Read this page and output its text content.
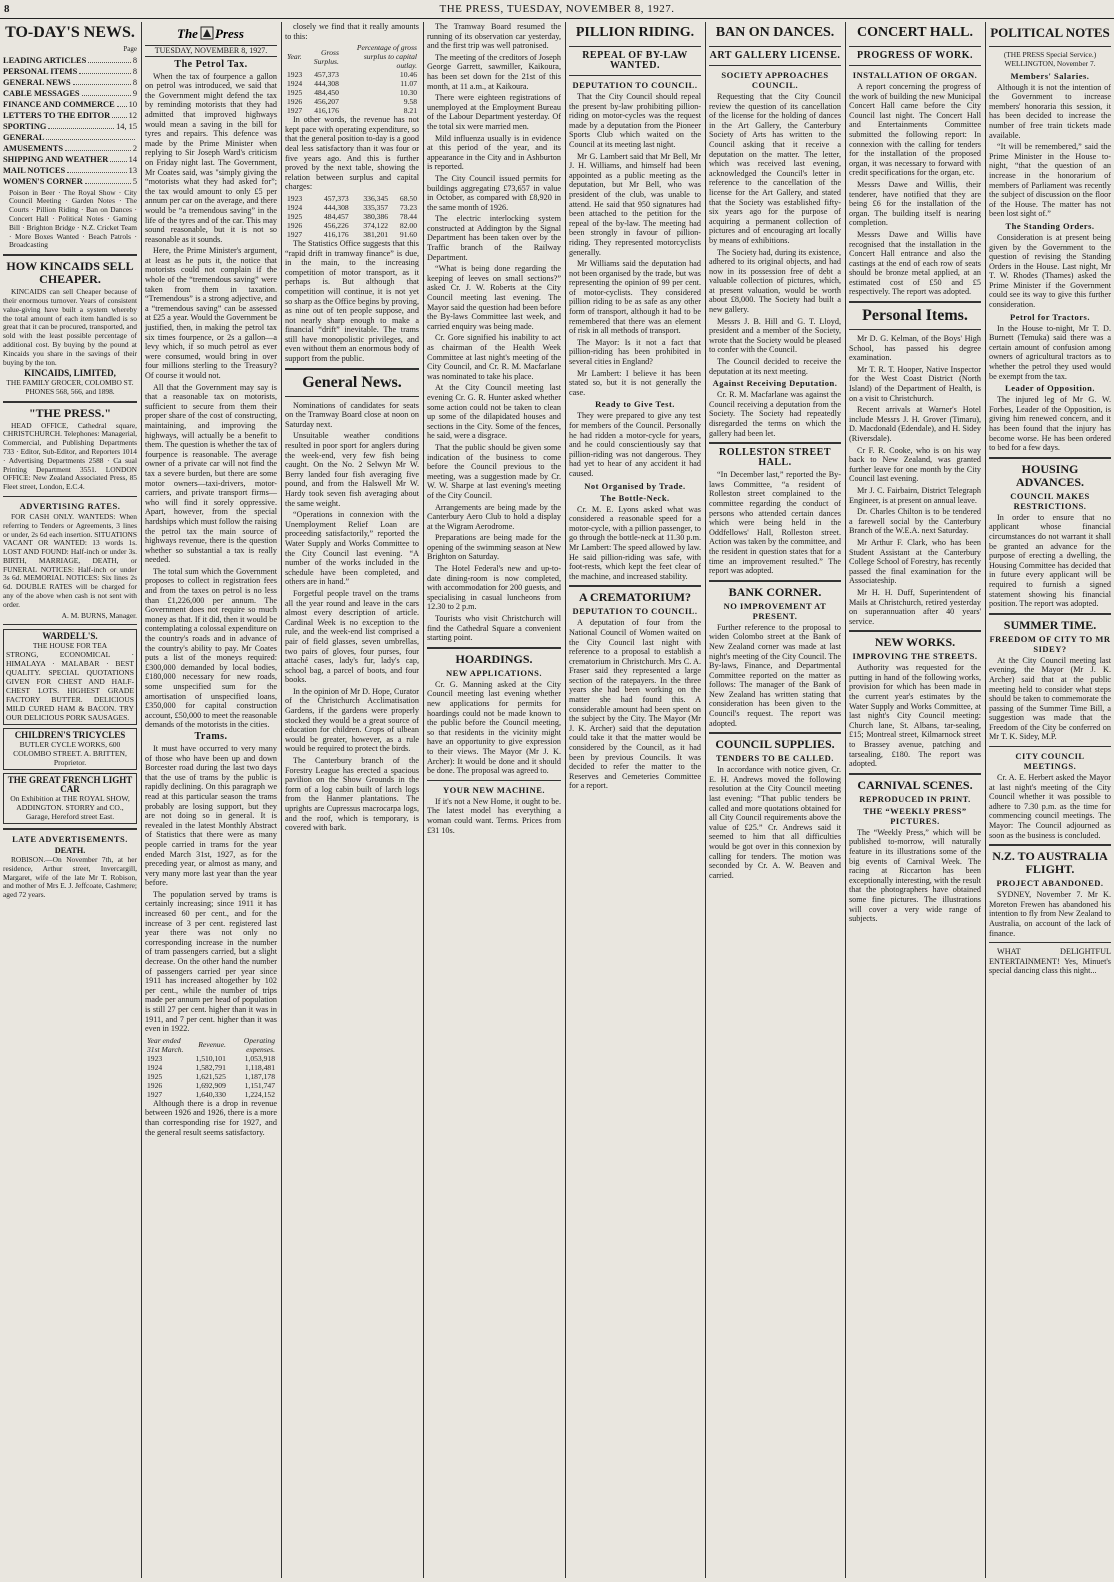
8	THE PRESS, TUESDAY, NOVEMBER 8, 1927.
TO-DAY'S NEWS.
Page
LEADING ARTICLES	8
PERSONAL ITEMS	8
GENERAL NEWS	8
CABLE MESSAGES	9
FINANCE AND COMMERCE 10
LETTERS TO THE EDITOR 12
SPORTING	14, 15
GENERAL
AMUSEMENTS	2
SHIPPING AND WEATHER 14
MAIL NOTICES	13
WOMEN'S CORNER	5
Poison in Beer · The Royal Show · City Council Meeting · Garden Notes · The Courts · Pillion Riding · Ban on Dances · Concert Hall · Political Notes · Gaming Bill · Brighton Bridge · N.Z. Cricket Team · More Boxes Wanted · Beach Patrols · Broadcasting
HOW KINCAIDS SELL CHEAPER.

KINCAIDS can sell Cheaper because of their enormous turnover. Years of consistent value-giving have built a system whereby the total amount of each item handled is so great that it can be procured, transported, and sold with the least possible percentage of additional cost. By buying by the pound at Kincaids you share in the savings of their buying by the ton.

KINCAIDS, LIMITED,
THE FAMILY GROCER, COLOMBO ST. PHONES 568, 566, and 1898.
"THE PRESS."

HEAD OFFICE, Cathedral square, CHRISTCHURCH. Telephones: Managerial, Commercial, and Publishing Departments 733 · Editor, Sub-Editor, and Reporters 1014 · Advertising Departments 2588 · Ca sual Printing Department 3551. LONDON OFFICE: New Zealand Associated Press, 85 Fleet street, London, E.C.4.

ADVERTISING RATES.

FOR CASH ONLY. WANTEDS: When referring to Tenders or Agreements, 3 lines or under, 2s 6d each insertion. SITUATIONS VACANT OR WANTED: 13 words 1s. LOST AND FOUND: Half-inch or under 3s. BIRTH, MARRIAGE, DEATH, or FUNERAL NOTICES: Half-inch or under 3s 6d. MEMORIAL NOTICES: Six lines 2s 6d. DOUBLE RATES will be charged for any of the above when cash is not sent with order.

A. M. BURNS, Manager.
WARDELL'S.
THE HOUSE FOR TEA
STRONG, ECONOMICAL · HIMALAYA · MALABAR · BEST QUALITY. SPECIAL QUOTATIONS GIVEN FOR CHEST AND HALF-CHEST LOTS. HIGHEST GRADE FACTORY BUTTER. DELICIOUS MILD CURED HAM & BACON. TRY OUR DELICIOUS PORK SAUSAGES.
CHILDREN'S TRICYCLES
BUTLER CYCLE WORKS, 600 COLOMBO STREET. A. BRITTEN, Proprietor.
THE GREAT FRENCH LIGHT CAR
On Exhibition at THE ROYAL SHOW, ADDINGTON. STORRY and CO., Garage, Hereford street East.
LATE ADVERTISEMENTS.
DEATH.

ROBISON.—On November 7th, at her residence, Arthur street, Invercargill, Margaret, wife of the late Mr T. Robison, and mother of Mrs E. J. Jeffcoate, Cashmere; aged 72 years.

The Press
TUESDAY, NOVEMBER 8, 1927.
The Petrol Tax.

When the tax of fourpence a gallon on petrol was introduced, we said that the Government might defend the tax by reminding motorists that they had admitted that improved highways would mean a saving in the bill for tyres and repairs. This defence was made by the Prime Minister when replying to Sir Joseph Ward's criticism on Friday night last. The Government, Mr Coates said, was "simply giving the “motorists what they had asked for”; the tax would amount to only £5 per annum per car on the average, and there would be “a tremendous saving” in the life of the tyres and of the car. This may sound reasonable, but it is not so reasonable as it sounds.

Here, the Prime Minister's argument, at least as he puts it, the notice that motorists could not complain if the whole of the “tremendous saving” were taken from them in taxation. “Tremendous” is a strong adjective, and a “tremendous saving” can be assessed at £25 a year. Would the Government be justified, then, in making the petrol tax six times fourpence, or 2s a gallon—a levy which, if so much petrol as ever were consumed, would bring in over four millions sterling to the Treasury? Of course it would not.

All that the Government may say is that a reasonable tax on motorists, sufficient to secure from them their proper share of the cost of constructing, maintaining, and improving the highways, will actually be a benefit to them. The question is whether the tax of fourpence is reasonable. The average owner of a private car will not find the tax a severe burden, but there are some motor owners—taxi-drivers, motor-carriers, and private transport firms—who will find it sorely oppressive. Apart, however, from the special hardships which must follow the raising the petrol tax the main source of highways revenue, there is the question whether so substantial a tax is really needed.

The total sum which the Government proposes to collect in registration fees and from the taxes on petrol is no less than £1,226,000 per annum. The Government does not require so much money as that. If it did, then it would be contemplating a colossal expenditure on the country's roads and in advance of the country's ability to pay. Mr Coates puts a list of the moneys required: £300,000 demanded by local bodies, £180,000 necessary for new roads, some unspecified sum for the amortisation of unspecified loans, £350,000 for capital construction account, £50,000 to meet the reasonable demands of the motorists in the cities.

Trams.

It must have occurred to very many of those who have been up and down Borcester road during the last two days that the use of trams by the public is rapidly declining. On this paragraph we read at this particular season the trams probably are losing support, but they are not doing so in general. It is revealed in the latest Monthly Abstract of Statistics that there were as many people carried in trams for the year ended March 31st, 1927, as for the preceding year, or almost as many, and very many more last year than the year before.

The population served by trams is certainly increasing; since 1911 it has increased 60 per cent., and for the increase of 3 per cent. registered last year there was not only no corresponding increase in the number of tram passengers carried, but a slight decrease. On the other hand the number of passengers carried per year since 1911 has increased altogether by 102 per cent., while the number of trips made per annum per head of population is still 27 per cent. higher than it was in 1911, and 7 per cent. higher than it was even in 1922.

Year ended 31st March.	Revenue.	Operating expenses.
1923	1,510,101	1,053,918
1924	1,582,791	1,118,481
1925	1,621,525	1,187,178
1926	1,692,909	1,151,747
1927	1,640,330	1,224,152

Although there is a drop in revenue between 1926 and 1926, there is a more than corresponding rise for 1927, and the general result seems satisfactory.

closely we find that it really amounts to this:

Year.	Gross Surplus.	Percentage of gross surplus to capital outlay.
1923	457,373	10.46
1924	444,308	11.07
1925	484,450	10.30
1926	456,207	9.58
1927	416,176	8.21

In other words, the revenue has not kept pace with operating expenditure, so that the general position to-day is a good deal less satisfactory than it was four or five years ago. And this is further proved by the next table, showing the relation between surplus and capital charges:

1923	457,373	336,345	68.50
1924	444,308	335,357	73.23
1925	484,457	380,386	78.44
1926	456,226	374,122	82.00
1927	416,176	381,201	91.60

The Statistics Office suggests that this “rapid drift in tramway finance” is due, in the main, to the increasing competition of motor transport, as it perhaps is. But although that competition will continue, it is not yet so sharp as the Office begins by proving, as nine out of ten people suppose, and not nearly sharp enough to make a financial “drift” inevitable. The trams still have monopolistic privileges, and even without them an enormous body of support from the public.

General News.

Nominations of candidates for seats on the Tramway Board close at noon on Saturday next.

Unsuitable weather conditions resulted in poor sport for anglers during the week-end, very few fish being caught. On the No. 2 Selwyn Mr W. Berry landed four fish averaging five pound, and from the Halswell Mr W. Hardy took seven fish averaging about the same weight.

“Operations in connexion with the Unemployment Relief Loan are proceeding satisfactorily,” reported the Water Supply and Works Committee to the City Council last evening. “A number of the works included in the schedule have been completed, and others are in hand.”

Forgetful people travel on the trams all the year round and leave in the cars almost every description of article. Cardinal Week is no exception to the rule, and the week-end list comprised a pair of field glasses, seven umbrellas, two pairs of gloves, four purses, four attaché cases, lady's fur, lady's cap, school bag, a parcel of boots, and four books.

In the opinion of Mr D. Hope, Curator of the Christchurch Acclimatisation Gardens, if the gardens were properly stocked they would be a great source of education for children. Crops of ulbean would be greater, however, as a rule would be required to protect the birds.

The Canterbury branch of the Forestry League has erected a spacious pavilion on the Show Grounds in the form of a log cabin built of larch logs from the Hanmer plantations. The uprights are Cupressus macrocarpa logs, and the roof, which is temporary, is covered with bark.

The Tramway Board resumed the running of its observation car yesterday, and the first trip was well patronised.

The meeting of the creditors of Joseph George Garrett, sawmiller, Kaikoura, has been set down for the 21st of this month, at 11 a.m., at Kaikoura.

There were eighteen registrations of unemployed at the Employment Bureau of the Labour Department yesterday. Of the total six were married men.

Mild influenza usually is in evidence at this period of the year, and its appearance in the City and in Ashburton is reported.

The City Council issued permits for buildings aggregating £73,657 in value in October, as compared with £8,920 in the same month of 1926.

The electric interlocking system constructed at Addington by the Signal Department has been taken over by the Traffic branch of the Railway Department.

“What is being done regarding the keeping of leeves on small sections?” asked Cr. J. W. Roberts at the City Council meeting last evening. The Mayor said the question had been before the By-laws Committee last week, and carried enquiry was being made.

Cr. Gore signified his inability to act as chairman of the Health Week Committee at last night's meeting of the City Council, and Cr. R. M. Macfarlane was nominated to take his place.

At the City Council meeting last evening Cr. G. R. Hunter asked whether some action could not be taken to clean up some of the dilapidated houses and sections in the City. Some of the fences, he said, were a disgrace.

That the public should be given some indication of the business to come before the Council previous to the meeting, was a suggestion made by Cr. W. W. Sharpe at last evening's meeting of the City Council.

Arrangements are being made by the Canterbury Aero Club to hold a display at the Wigram Aerodrome.

Preparations are being made for the opening of the swimming season at New Brighton on Saturday.

The Hotel Federal's new and up-to-date dining-room is now completed, with accommodation for 200 guests, and specialising in casual luncheons from 12.30 to 2 p.m.

Tourists who visit Christchurch will find the Cathedral Square a convenient starting point.

HOARDINGS.
NEW APPLICATIONS.

Cr. G. Manning asked at the City Council meeting last evening whether new applications for permits for hoardings could not be made known to the public before the Council meeting, so that residents in the vicinity might have an opportunity to give expression to their views. The Mayor (Mr J. K. Archer): It would be done and it should be done. The proposal was agreed to.

YOUR NEW MACHINE.

If it's not a New Home, it ought to be. The latest model has everything a woman could want. Terms. Prices from £31 10s.

PILLION RIDING.
REPEAL OF BY-LAW WANTED.
DEPUTATION TO COUNCIL.

That the City Council should repeal the present by-law prohibiting pillion-riding on motor-cycles was the request made by a deputation from the Pioneer Sports Club which waited on the Council at its meeting last night.

Mr G. Lambert said that Mr Bell, Mr J. H. Williams, and himself had been appointed as a public meeting as the deputation, but Mr Bell, who was president of the club, was unable to attend. He said that 950 signatures had been attached to the petition for the repeal of the by-law. The meeting had been strongly in favour of pillion-riding. They represented motorcyclists generally.

Mr Williams said the deputation had not been organised by the trade, but was representing the opinion of 99 per cent. of motor-cyclists. They considered pillion riding to be as safe as any other form of transport, although it had to be remembered that there was an element of risk in all methods of transport.

The Mayor: Is it not a fact that pillion-riding has been prohibited in several cities in England?

Mr Lambert: I believe it has been stated so, but it is not generally the case.

Ready to Give Test.

They were prepared to give any test for members of the Council. Personally he had ridden a motor-cycle for years, and he could conscientiously say that pillion-riding was not dangerous. They had yet to hear of any accident it had caused.

Not Organised by Trade.
The Bottle-Neck.

Cr. M. E. Lyons asked what was considered a reasonable speed for a motor-cycle, with a pillion passenger, to go through the bottle-neck at 11.30 p.m. Mr Lambert: The speed allowed by law. He said pillion-riding was safe, with foot-rests, which kept the feet clear of the machine, and increased stability.

A CREMATORIUM?
DEPUTATION TO COUNCIL.

A deputation of four from the National Council of Women waited on the City Council last night with reference to a proposal to establish a crematorium in Christchurch. Mrs C. A. Fraser said they represented a large section of the ratepayers. In the three years she had been working on the matter she had found this. A considerable amount had been spent on the subject by the City. The Mayor (Mr J. K. Archer) said that the deputation could take it that the matter would be considered by the Council, as it had been by previous Councils. It was decided to refer the matter to the Reserves and Cemeteries Committee for a report.

BAN ON DANCES.
ART GALLERY LICENSE.
SOCIETY APPROACHES COUNCIL.

Requesting that the City Council review the question of its cancellation of the license for the holding of dances in the Art Gallery, the Canterbury Society of Arts has written to the Council asking that it receive a deputation on the matter. The letter, which was received last evening, acknowledged the Council's letter in reference to the cancellation of the license for the Art Gallery, and stated that the Society was established fifty-six years ago for the purpose of acquiring a permanent collection of pictures and of encouraging art locally by means of exhibitions.

The Society had, during its existence, adhered to its original objects, and had now in its possession free of debt a valuable collection of pictures, which, at present valuation, would be worth about £8,000. The Society had built a new gallery.

Messrs J. B. Hill and G. T. Lloyd, president and a member of the Society, wrote that the Society would be pleased to confer with the Council.

The Council decided to receive the deputation at its next meeting.

Against Receiving Deputation.

Cr. R. M. Macfarlane was against the Council receiving a deputation from the Society. The Society had repeatedly disregarded the terms on which the gallery had been let.

ROLLESTON STREET HALL.

“In December last,” reported the By-laws Committee, “a resident of Rolleston street complained to the committee regarding the conduct of persons who attended certain dances which were being held in the Oddfellows' Hall, Rolleston street. Action was taken by the committee, and the resident in question states that for a time an improvement resulted.” The report was adopted.

BANK CORNER.
NO IMPROVEMENT AT PRESENT.

Further reference to the proposal to widen Colombo street at the Bank of New Zealand corner was made at last night's meeting of the City Council. The By-laws, Finance, and Departmental Committee reported on the matter as follows: The manager of the Bank of New Zealand has written stating that consideration has been given to the Council's request. The report was adopted.

COUNCIL SUPPLIES.
TENDERS TO BE CALLED.

In accordance with notice given, Cr. E. H. Andrews moved the following resolution at the City Council meeting last evening: “That public tenders be called and more quotations obtained for all City Council requirements above the value of £25.” Cr. Andrews said it seemed to him that all difficulties would be got over in this connexion by calling for tenders. The motion was seconded by Cr. A. W. Beaven and carried.

CONCERT HALL.
PROGRESS OF WORK.
INSTALLATION OF ORGAN.

A report concerning the progress of the work of building the new Municipal Concert Hall came before the City Council last night. The Concert Hall and Entertainments Committee submitted the following report: In connexion with the calling for tenders for the installation of the proposed organ, it was necessary to forward with credit specifications for the organ, etc.

Messrs Dawe and Willis, their tenderer, have notified that they are being £6 for the installation of the organ. The building itself is nearing completion.

Messrs Dawe and Willis have recognised that the installation in the Concert Hall entrance and also the castings at the end of each row of seats should be bronze metal applied, at an estimated cost of £50 and £5 respectively. The report was adopted.

Personal Items.

Mr D. G. Kelman, of the Boys' High School, has passed his degree examination.

Mr T. R. T. Hooper, Native Inspector for the West Coast District (North Island) of the Department of Health, is on a visit to Christchurch.

Recent arrivals at Warner's Hotel include Messrs J. H. Grover (Timaru), D. Macdonald (Edendale), and H. Sidey (Riversdale).

Cr F. R. Cooke, who is on his way back to New Zealand, was granted further leave for one month by the City Council last evening.

Mr J. C. Fairbairn, District Telegraph Engineer, is at present on annual leave.

Dr. Charles Chilton is to be tendered a farewell social by the Canterbury Branch of the W.E.A. next Saturday.

Mr Arthur F. Clark, who has been Student Assistant at the Canterbury College School of Forestry, has recently passed the final examination for the Associateship.

Mr H. H. Duff, Superintendent of Mails at Christchurch, retired yesterday on superannuation after 40 years' service.

NEW WORKS.
IMPROVING THE STREETS.

Authority was requested for the putting in hand of the following works, provision for which has been made in the current year's estimates by the Water Supply and Works Committee, at last night's City Council meeting: Church lane, St. Albans, tar-sealing, £15; Montreal street, Kilmarnock street to Brassey avenue, patching and tarsealing, £180. The report was adopted.

CARNIVAL SCENES.
REPRODUCED IN PRINT.
THE “WEEKLY PRESS” PICTURES.

The “Weekly Press,” which will be published to-morrow, will naturally feature in its illustrations some of the big events of Carnival Week. The racing at Riccarton has been exceptionally interesting, with the result that the photographers have obtained some fine pictures. The illustrations will cover a very wide range of subjects.

POLITICAL NOTES
(THE PRESS Special Service.) WELLINGTON, November 7.
Members' Salaries.

Although it is not the intention of the Government to increase members' honoraria this session, it has been decided to increase the number of free train tickets made available.

“It will be remembered,” said the Prime Minister in the House to-night, “that the question of an increase in the honorarium of members of Parliament was recently the subject of discussion on the floor of the House. The matter has not been lost sight of.”

The Standing Orders.

Consideration is at present being given by the Government to the question of revising the Standing Orders in the House. Last night, Mr T. W. Rhodes (Thames) asked the Prime Minister if the Government could see its way to give this further consideration.

Petrol for Tractors.

In the House to-night, Mr T. D. Burnett (Temuka) said there was a certain amount of confusion among owners of agricultural tractors as to whether the petrol they used would be exempt from the tax.

Leader of Opposition.

The injured leg of Mr G. W. Forbes, Leader of the Opposition, is giving him renewed concern, and it has been found that the injury has become worse. He has been ordered to bed for a few days.

HOUSING ADVANCES.
COUNCIL MAKES RESTRICTIONS.

In order to ensure that no applicant whose financial circumstances do not warrant it shall be granted an advance for the purpose of erecting a dwelling, the Housing Committee has decided that in future every applicant will be required to furnish a signed statement showing his financial position. The report was adopted.

SUMMER TIME.
FREEDOM OF CITY TO MR SIDEY?

At the City Council meeting last evening, the Mayor (Mr J. K. Archer) said that at the public meeting held to consider what steps should be taken to commemorate the passing of the Summer Time Bill, a suggestion was made that the Freedom of the City be conferred on Mr T. K. Sidey, M.P.

CITY COUNCIL MEETINGS.

Cr. A. E. Herbert asked the Mayor at last night's meeting of the City Council whether it was possible to adhere to 7.30 p.m. as the time for commencing council meetings. The Mayor: The Council adjourned as soon as the business is concluded.

N.Z. TO AUSTRALIA FLIGHT.
PROJECT ABANDONED.

SYDNEY, November 7. Mr K. Moreton Frewen has abandoned his intention to fly from New Zealand to Australia, on account of the lack of finance.

WHAT DELIGHTFUL ENTERTAINMENT! Yes, Minuet's special dancing class this night...
